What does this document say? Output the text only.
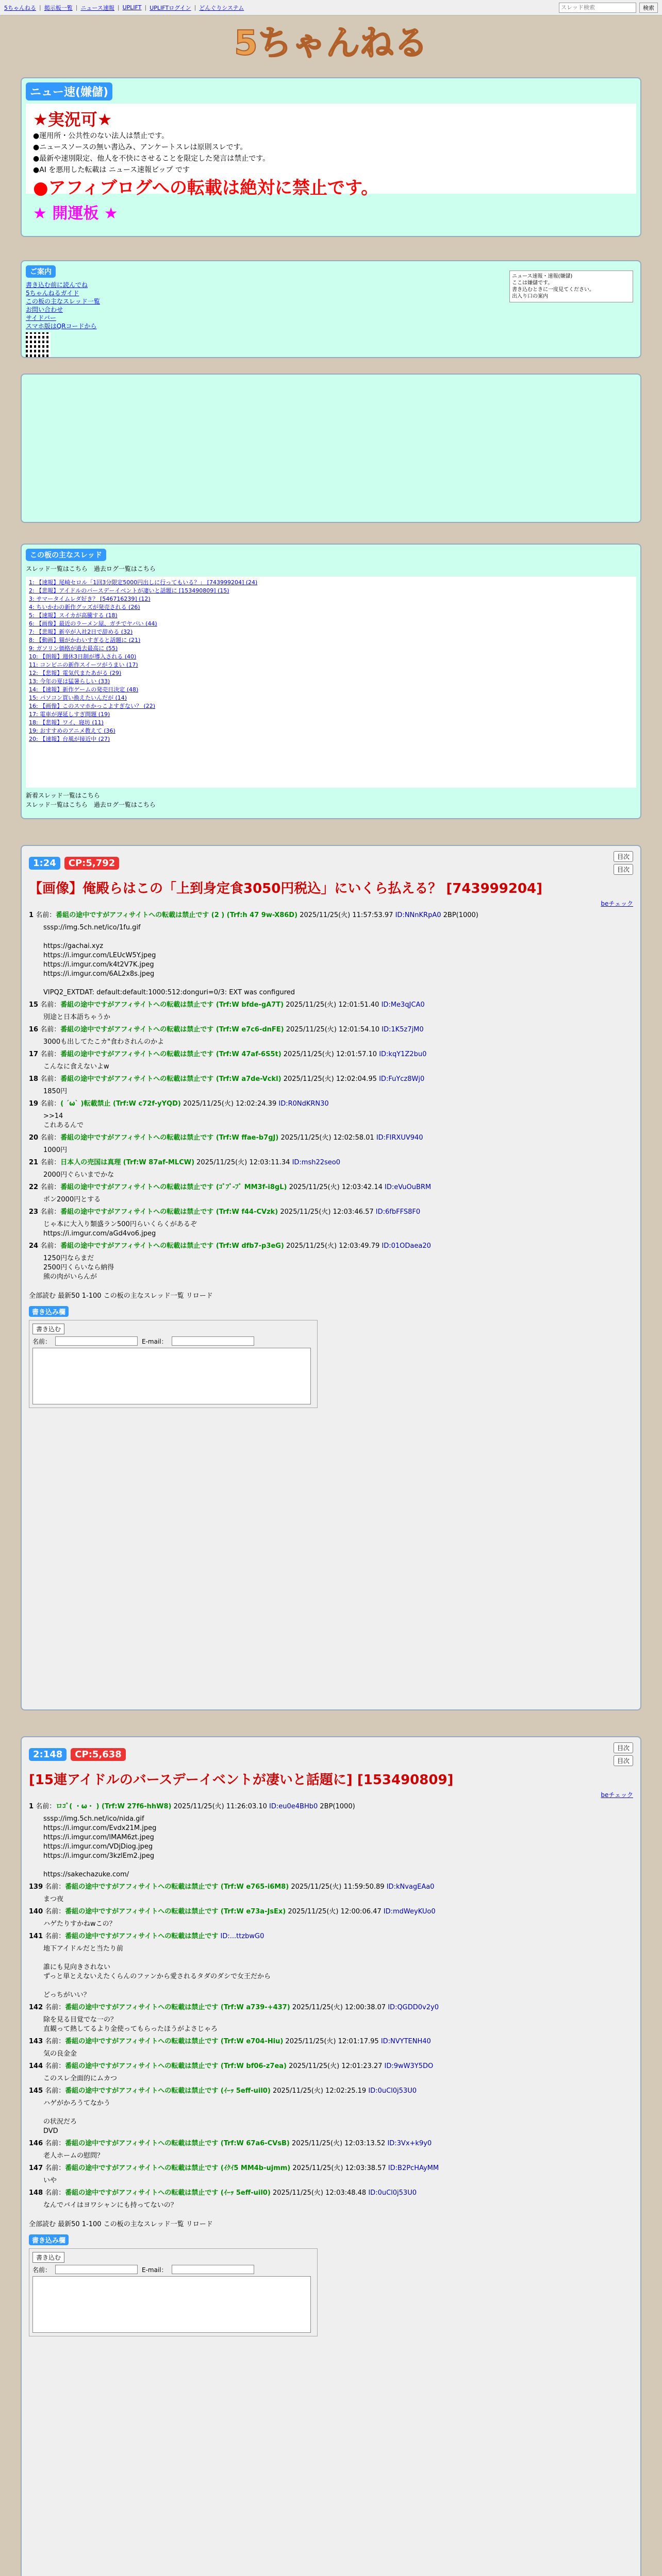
5ちゃんねる | 掲示板一覧 | ニュース速報 | UPLIFT | UPLIFTログイン | どんぐりシステム
スレッド検索	検索
5ちゃんねる
ニュー速(嫌儲)
★実況可★
●運用所・公共性のない法人は禁止です。
●ニュースソースの無い書込み、アンケートスレは原則スレです。
●最新や速別限定、他人を不快にさせることを限定した発言は禁止です。
●AI を悪用した転載は ニュース速報ビップ です
●アフィブログへの転載は絶対に禁止です。
★ 開運板 ★
ご案内
書き込む前に読んでね
5ちゃんねるガイド
この板の主なスレッド一覧
お問い合わせ
サイドバー
スマホ版はQRコードから
ニュース速報・速報(嫌儲)
ここは嫌儲です。
書き込むときに一度見てください。
出入り口の案内
この板の主なスレッド
スレッド一覧はこちら　過去ログ一覧はこちら
1: 【速報】尾崎セロル「1回3分限定5000円出しに行ってもいる？」 [743999204] (24)
2: 【悲報】アイドルのバースデーイベントが凄いと話題に [153490809] (15)
3: サマータイムレダ好き？ [546716239] (12)
4: ちいかわの新作グッズが発売される (26)
5: 【速報】スイカが高騰する (18)
6: 【画像】最近のラーメン屋、ガチでヤバい (44)
7: 【悲報】新卒が入社2日で辞める (32)
8: 【動画】猫がかわいすぎると話題に (21)
9: ガソリン価格が過去最高に (55)
10: 【朗報】週休3日制が導入される (40)
11: コンビニの新作スイーツがうまい (17)
12: 【悲報】電気代またあがる (29)
13: 今年の夏は猛暑らしい (33)
14: 【速報】新作ゲームの発売日決定 (48)
15: パソコン買い換えたいんだが (14)
16: 【画像】このスマホかっこよすぎない？ (22)
17: 電車が遅延しすぎ問題 (19)
18: 【悲報】ワイ、寝坊 (11)
19: おすすめのアニメ教えて (36)
20: 【速報】台風が接近中 (27)
新着スレッド一覧はこちら
スレッド一覧はこちら　過去ログ一覧はこちら
1:24	CP:5,792
目次
目次
【画像】俺殿らはこの「上到身定食3050円税込」にいくら払える？ [743999204]
beチェック
1 名前：番組の途中ですがアフィサイトへの転載は禁止です (2 ) (Trf:h 47 9w-X86D) 2025/11/25(火) 11:57:53.97 ID:NNnKRpA0 2BP(1000)
sssp://img.5ch.net/ico/1fu.gif

https://gachai.xyz
https://i.imgur.com/LEUcW5Y.jpeg
https://i.imgur.com/k4t2V7K.jpeg
https://i.imgur.com/6AL2x8s.jpeg

VIPQ2_EXTDAT: default:default:1000:512:donguri=0/3: EXT was configured
15 名前：番組の途中ですがアフィサイトへの転載は禁止です (Trf:W bfde-gA7T) 2025/11/25(火) 12:01:51.40 ID:Me3qJCA0
別途と日本語ちゃうか
16 名前：番組の途中ですがアフィサイトへの転載は禁止です (Trf:W e7c6-dnFE) 2025/11/25(火) 12:01:54.10 ID:1K5z7jM0
3000も出してたこカ"食わされんのかよ
17 名前：番組の途中ですがアフィサイトへの転載は禁止です (Trf:W 47af-6S5t) 2025/11/25(火) 12:01:57.10 ID:kqY1Z2bu0
こんなに食えないよw
18 名前：番組の途中ですがアフィサイトへの転載は禁止です (Trf:W a7de-Vckl) 2025/11/25(火) 12:02:04.95 ID:FuYcz8Wj0
1850円
19 名前：( ´ω` )転載禁止 (Trf:W c72f-yYQD) 2025/11/25(火) 12:02:24.39 ID:R0NdKRN30
>>14
これあるんで
20 名前：番組の途中ですがアフィサイトへの転載は禁止です (Trf:W ffae-b7gJ) 2025/11/25(火) 12:02:58.01 ID:FIRXUV940
1000円
21 名前：日本人の売国は真理 (Trf:W 87af-MLCW) 2025/11/25(火) 12:03:11.34 ID:msh22seo0
2000円ぐらいまでかな
22 名前：番組の途中ですがアフィサイトへの転載は禁止です (ｺﾞﾌﾞ-ﾌﾞ MM3f-i8gL) 2025/11/25(火) 12:03:42.14 ID:eVuOuBRM
ポン2000円とする
23 名前：番組の途中ですがアフィサイトへの転載は禁止です (Trf:W f44-CVzk) 2025/11/25(火) 12:03:46.57 ID:6fbFFS8F0
じゃ本に大入り類盛ラン500円らいくらくがあるぞ
https://i.imgur.com/aGd4vo6.jpeg
24 名前：番組の途中ですがアフィサイトへの転載は禁止です (Trf:W dfb7-p3eG) 2025/11/25(火) 12:03:49.79 ID:01ODaea20
1250円ならまだ
2500円くらいなら納得
熊の肉がいらんが
全部読む 最新50 1-100 この板の主なスレッド一覧 リロード
書き込み欄
書き込む
名前：	E-mail：
2:148	CP:5,638
目次
目次
[15連アイドルのバースデーイベントが凄いと話題に] [153490809]
beチェック
1 名前：ロｺﾞ( ・ω・ ) (Trf:W 27f6-hhW8) 2025/11/25(火) 11:26:03.10 ID:eu0e4BHb0 2BP(1000)
sssp://img.5ch.net/ico/nida.gif
https://i.imgur.com/Evdx21M.jpeg
https://i.imgur.com/lMAM6zt.jpeg
https://i.imgur.com/VDjDiog.jpeg
https://i.imgur.com/3kzlEm2.jpeg

https://sakechazuke.com/
139 名前：番組の途中ですがアフィサイトへの転載は禁止です (Trf:W e765-i6M8) 2025/11/25(火) 11:59:50.89 ID:kNvagEAa0
まつ夜
140 名前：番組の途中ですがアフィサイトへの転載は禁止です (Trf:W e73a-JsEx) 2025/11/25(火) 12:00:06.47 ID:mdWeyKUo0
ハゲたりすかねwこの？
141 名前：番組の途中ですがアフィサイトへの転載は禁止です ID:...ttzbwG0
地下アイドルだと当たり前

誰にも見向きされない
ずっと単とえないえたくらんのファンから愛されるタダのダシで女王だから

どっちがいい？
142 名前：番組の途中ですがアフィサイトへの転載は禁止です (Trf:W a739-+437) 2025/11/25(火) 12:00:38.07 ID:QGDD0v2y0
除を見る目覚でな一の？
直観って熱してるより金使ってもらったほうがよさじゃろ
143 名前：番組の途中ですがアフィサイトへの転載は禁止です (Trf:W e704-Hiu) 2025/11/25(火) 12:01:17.95 ID:NVYTENH40
気の良金金
144 名前：番組の途中ですがアフィサイトへの転載は禁止です (Trf:W bf06-z7ea) 2025/11/25(火) 12:01:23.27 ID:9wW3Y5DO
このスレ全面的にムカつ
145 名前：番組の途中ですがアフィサイトへの転載は禁止です (ｲｰｯ 5eff-uil0) 2025/11/25(火) 12:02:25.19 ID:0uCl0j53U0
ハゲがかろうてなかう

の状況だろ
DVD
146 名前：番組の途中ですがアフィサイトへの転載は禁止です (Trf:W 67a6-CVsB) 2025/11/25(火) 12:03:13.52 ID:3Vx+k9y0
老人ホームの慰問？
147 名前：番組の途中ですがアフィサイトへの転載は禁止です (ｲｸｲ5 MM4b-ujmm) 2025/11/25(火) 12:03:38.57 ID:B2PcHAyMM
いや
148 名前：番組の途中ですがアフィサイトへの転載は禁止です (ｲｰｯ 5eff-uil0) 2025/11/25(火) 12:03:48.48 ID:0uCl0j53U0
なんでバイはヨワシャンにも持ってないの？
全部読む 最新50 1-100 この板の主なスレッド一覧 リロード
書き込み欄
書き込む
名前：	E-mail：
